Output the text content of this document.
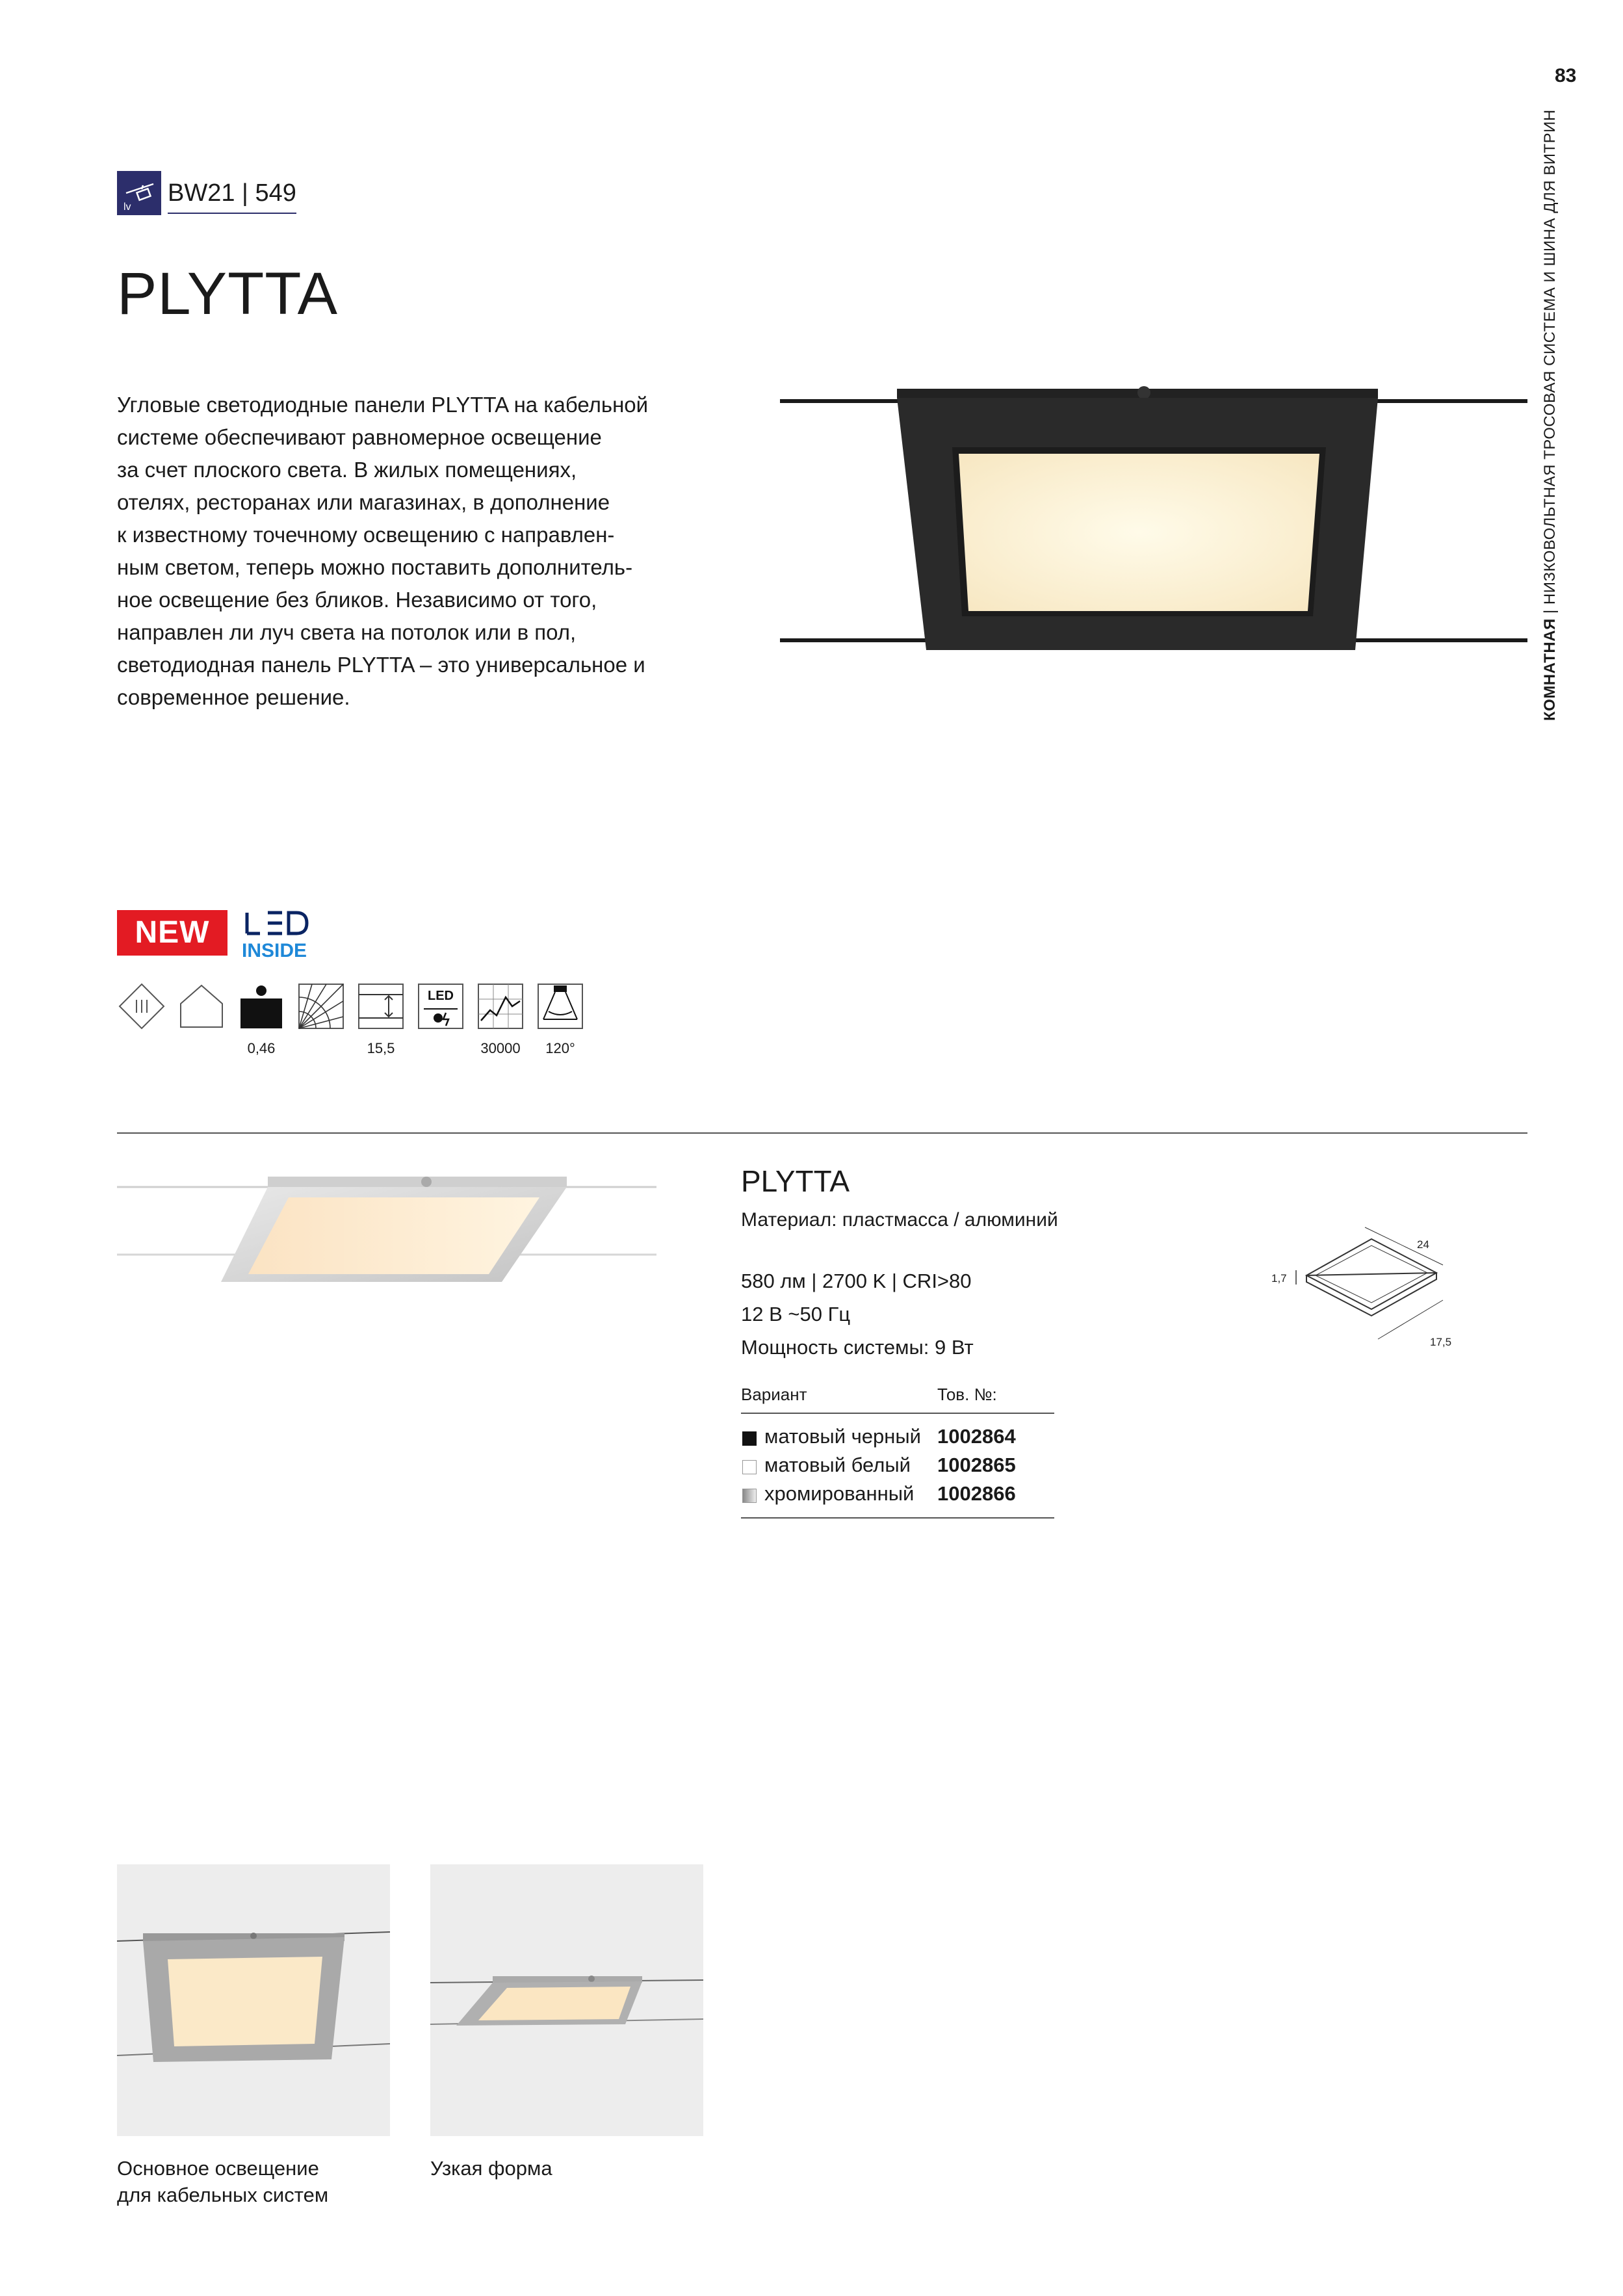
83
КОМНАТНАЯ | НИЗКОВОЛЬТНАЯ ТРОСОВАЯ СИСТЕМА И ШИНА ДЛЯ ВИТРИН
lv
BW21 | 549
PLYTTA

Угловые светодиодные панели PLYTTA на кабельной

системе обеспечивают равномерное освещение

за счет плоского света. В жилых помещениях,

отелях, ресторанах или магазинах, в дополнение

к известному точечному освещению с направлен-

ным светом, теперь можно поставить дополнитель-

ное освещение без бликов. Независимо от того,

направлен ли луч света на потолок или в пол,

светодиодная панель PLYTTA – это универсальное и

современное решение.

NEW
INSIDE
0,46	15,5
LED
30000	120°
PLYTTA
Материал: пластмасса / алюминий
580 лм | 2700 K | CRI>80
12 В ~50 Гц
Мощность системы: 9 Вт
24
17,5
1,7
Вариант	Тов. №:
матовый черный 1002864
матовый белый 1002865
хромированный 1002866
Основное освещение
для кабельных систем
Узкая форма
